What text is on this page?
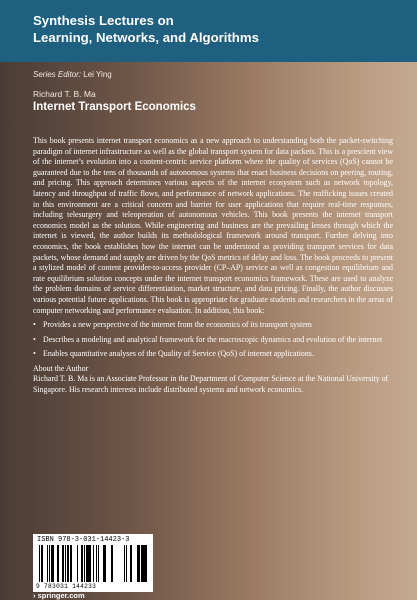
Synthesis Lectures on
Learning, Networks, and Algorithms
Series Editor: Lei Ying
Richard T. B. Ma
Internet Transport Economics

This book presents internet transport economics as a new approach to understanding both the packet-switching paradigm of internet infrastructure as well as the global transport system for data packets. This is a prescient view of the internet’s evolution into a content-centric service platform where the quality of services (QoS) cannot be guaranteed due to the tens of thousands of autonomous systems that enact business decisions on peering, routing, and pricing. This approach determines various aspects of the internet ecosystem such as network topology, latency and throughput of traffic flows, and performance of network applications. The trafficking issues created in this environment are a critical concern and barrier for user applications that require real-time responses, including telesurgery and teleoperation of autonomous vehicles. This book presents the internet transport economics model as the solution. While engineering and business are the prevailing lenses through which the internet is viewed, the author builds its methodological framework around transport. Further delving into economics, the book establishes how the internet can be understood as providing transport services for data packets, whose demand and supply are driven by the QoS metrics of delay and loss. The book proceeds to present a stylized model of content provider-to-access provider (CP–AP) service as well as congestion equilibrium and rate equilibrium solution concepts under the internet transport economics framework. These are used to analyze the problem domains of service differentiation, market structure, and data pricing. Finally, the author discusses various potential future applications. This book is appropriate for graduate students and researchers in the areas of computer networking and performance evaluation. In addition, this book:

• Provides a new perspective of the internet from the economics of its transport system
• Describes a modeling and analytical framework for the macroscopic dynamics and evolution of the internet
• Enables quantitative analyses of the Quality of Service (QoS) of internet applications.

About the Author

Richard T. B. Ma is an Associate Professor in the Department of Computer Science at the National University of Singapore. His research interests include distributed systems and network economics.

ISBN 978-3-031-14423-3
9 783031 144233
› springer.com
